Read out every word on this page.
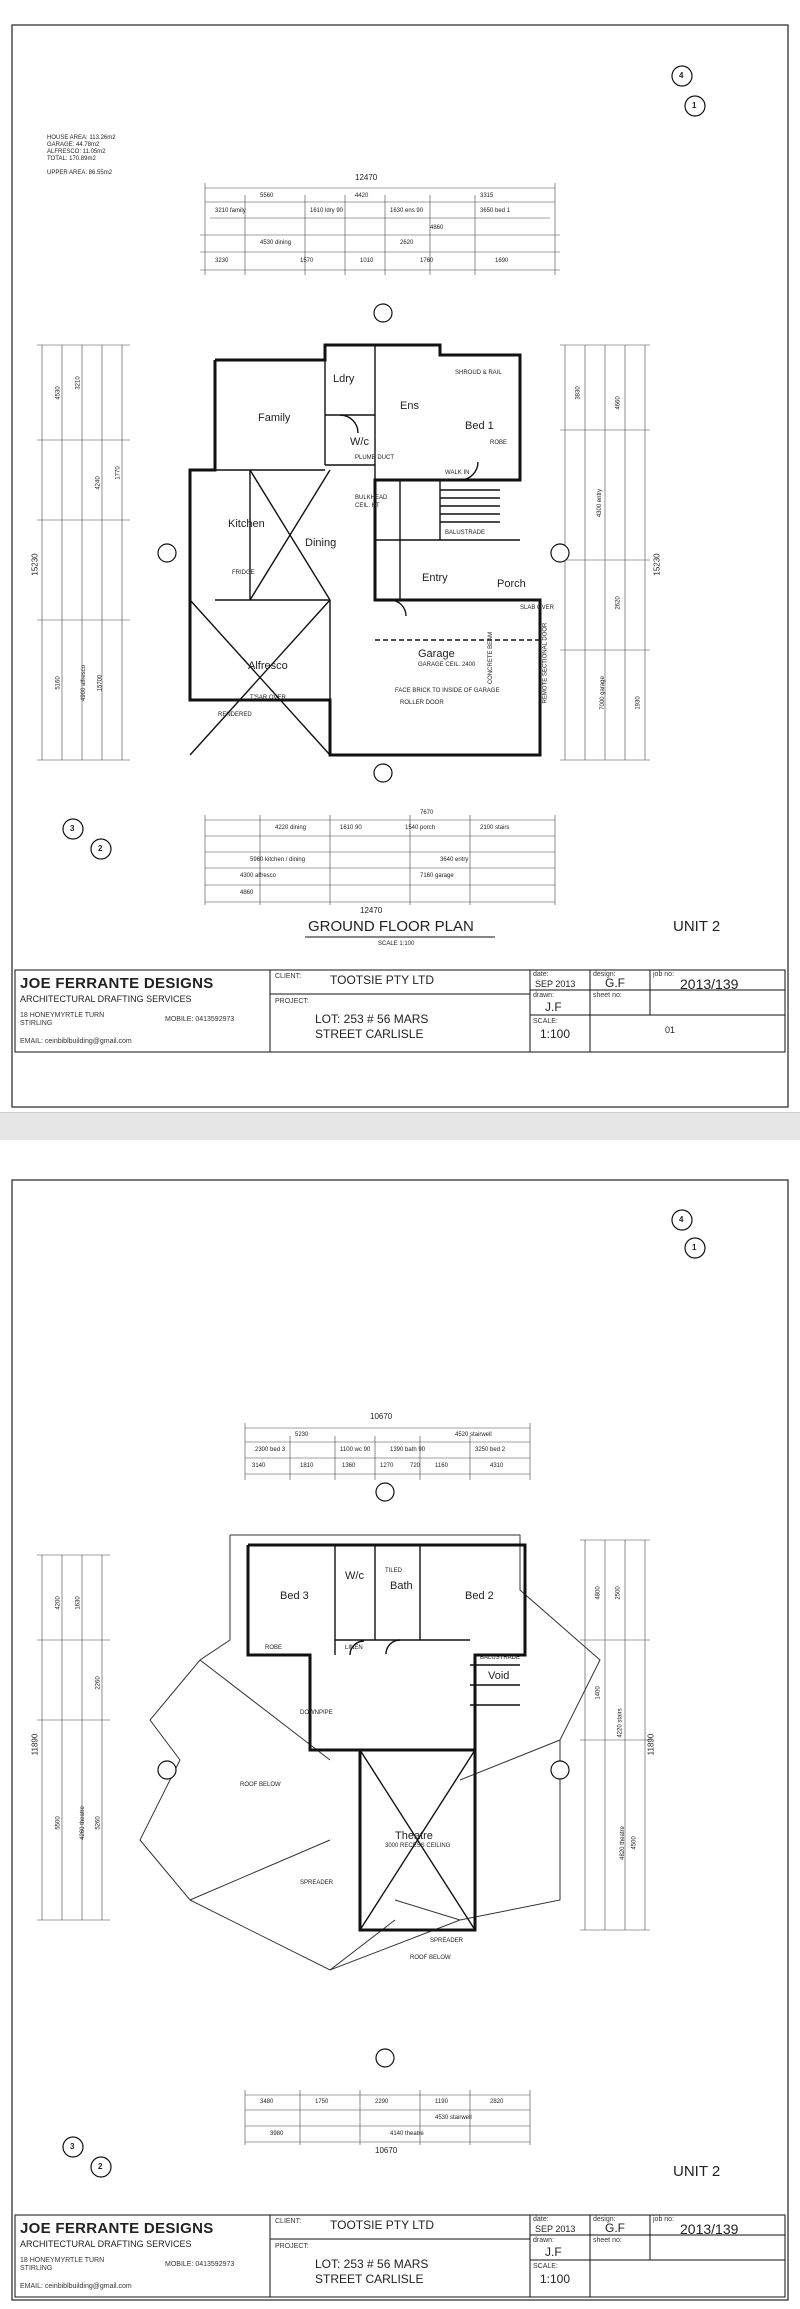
HOUSE AREA: 113.26m2
GARAGE: 44.78m2
ALFRESCO: 11.05m2
TOTAL: 170.89m2
UPPER AREA: 86.55m2	12470
5560	4420	3315
3210 family	1610 ldry 90	1630 ens 90	3650 bed 1
4530 dining	2620
3230	1570	1010	1760	1690
4860
15230
4530
3210
4240
1770
5160	4900 alfresco 15700
15230
3830
4300 entry
7000 garage
4660
2620
1930
7670
4220 dining	1610 90	1540 porch	2100 stairs
5960 kitchen / dining	3640 entry
4300 alfresco	7160 garage
4860
12470
Family
Ldry
Ens
Bed 1
W/c
Kitchen
Dining
Entry	Porch
Alfresco
Garage
SHROUD & RAIL
ROBE
FRIDGE
PLUMB DUCT
WALK IN
BULKHEAD
CEIL. HT
BALUSTRADE
T'SAR OVER
RENDERED
ROLLER DOOR
GARAGE CEIL. 2400
FACE BRICK TO INSIDE OF GARAGE	REMOTE SECTIONAL DOOR
CONCRETE BEAM
SLAB OVER
4
1
3
2
GROUND FLOOR PLAN
SCALE 1:100
UNIT 2
JOE FERRANTE DESIGNS
ARCHITECTURAL DRAFTING SERVICES
18 HONEYMYRTLE TURN
STIRLING
MOBILE: 0413592973
EMAIL: ceinbiblbuilding@gmail.com
CLIENT: TOOTSIE PTY LTD
PROJECT:
LOT: 253 # 56 MARS
STREET CARLISLE
date:
SEP 2013
design:
G.F
job no:
2013/139
drawn:
J.F
sheet no:
SCALE:
1:100	01
10670
5230	4520 stairwell
2300 bed 3	1100 wc 90	1390 bath 90	3250 bed 2
3140	1810	1360	1270	720 1160	4310
11890
4200 1630
2260
5500	4260 theatre 5260
11890
4800 2500
1400
4220 stairs
4820 theatre 4500
3480	1750	2290	1190	2820
4530 stairwell
4140 theatre
3980
10670
Bed 3
W/c
Bath
Bed 2
Void
Theatre
TILED
ROBE	LINEN
BALUSTRADE
ROOF BELOW
DOWNPIPE
SPREADER
3000 RECESS CEILING
SPREADER
ROOF BELOW
4
1
3
2	UNIT 2
JOE FERRANTE DESIGNS
ARCHITECTURAL DRAFTING SERVICES
18 HONEYMYRTLE TURN
STIRLING
MOBILE: 0413592973
EMAIL: ceinbiblbuilding@gmail.com
CLIENT: TOOTSIE PTY LTD
PROJECT:
LOT: 253 # 56 MARS
STREET CARLISLE
date:
SEP 2013
design:
G.F
job no:
2013/139
drawn:
J.F
sheet no:
SCALE:
1:100
